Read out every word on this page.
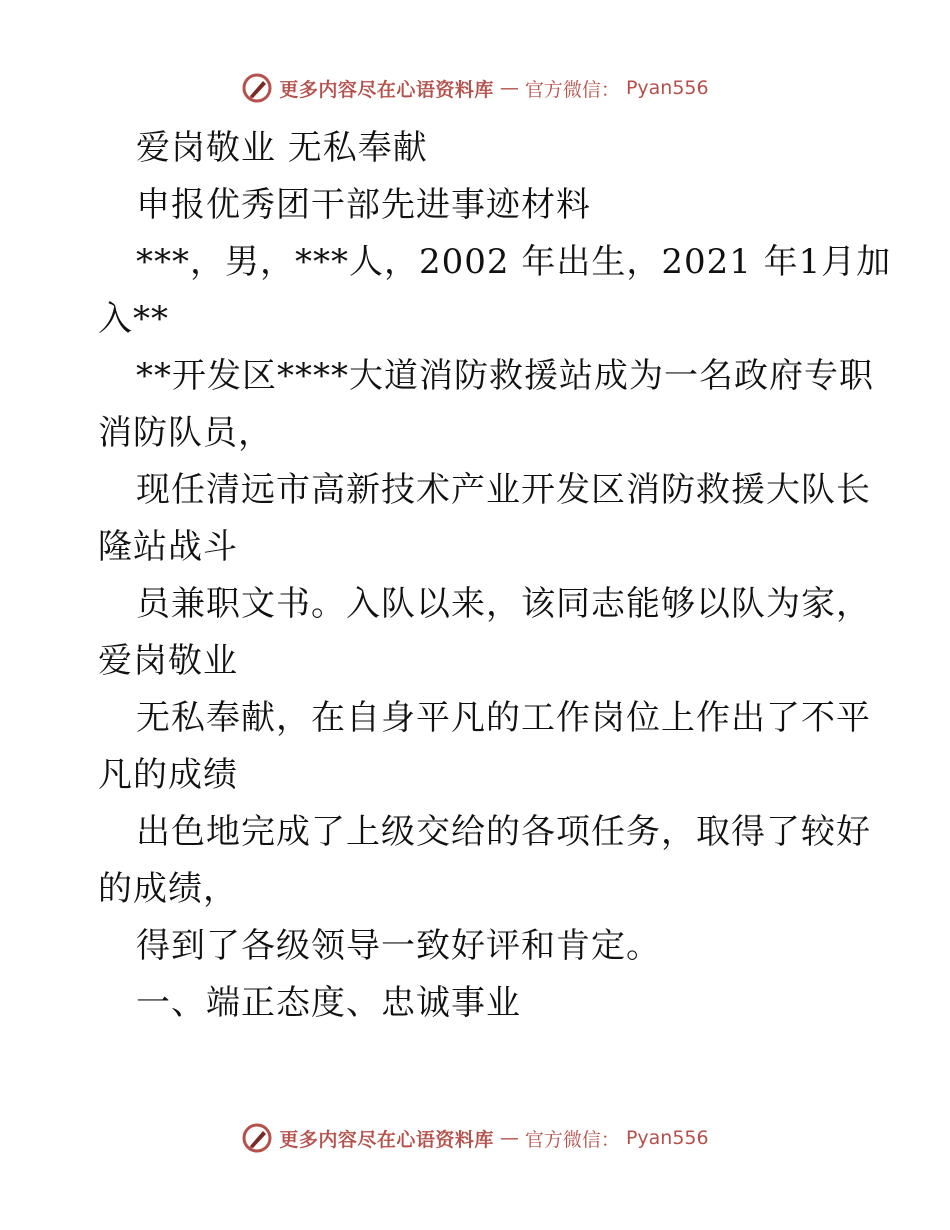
更多内容尽在心语资料库 — 官方微信： Pyan556
爱岗敬业 无私奉献
申报优秀团干部先进事迹材料
***，男，***人，2002 年出生，2021 年1月加
入**
**开发区****大道消防救援站成为一名政府专职
消防队员，
现任清远市高新技术产业开发区消防救援大队长
隆站战斗
员兼职文书。入队以来，该同志能够以队为家，
爱岗敬业
无私奉献，在自身平凡的工作岗位上作出了不平
凡的成绩
出色地完成了上级交给的各项任务，取得了较好
的成绩，
得到了各级领导一致好评和肯定。
一、端正态度、忠诚事业
更多内容尽在心语资料库 — 官方微信： Pyan556
